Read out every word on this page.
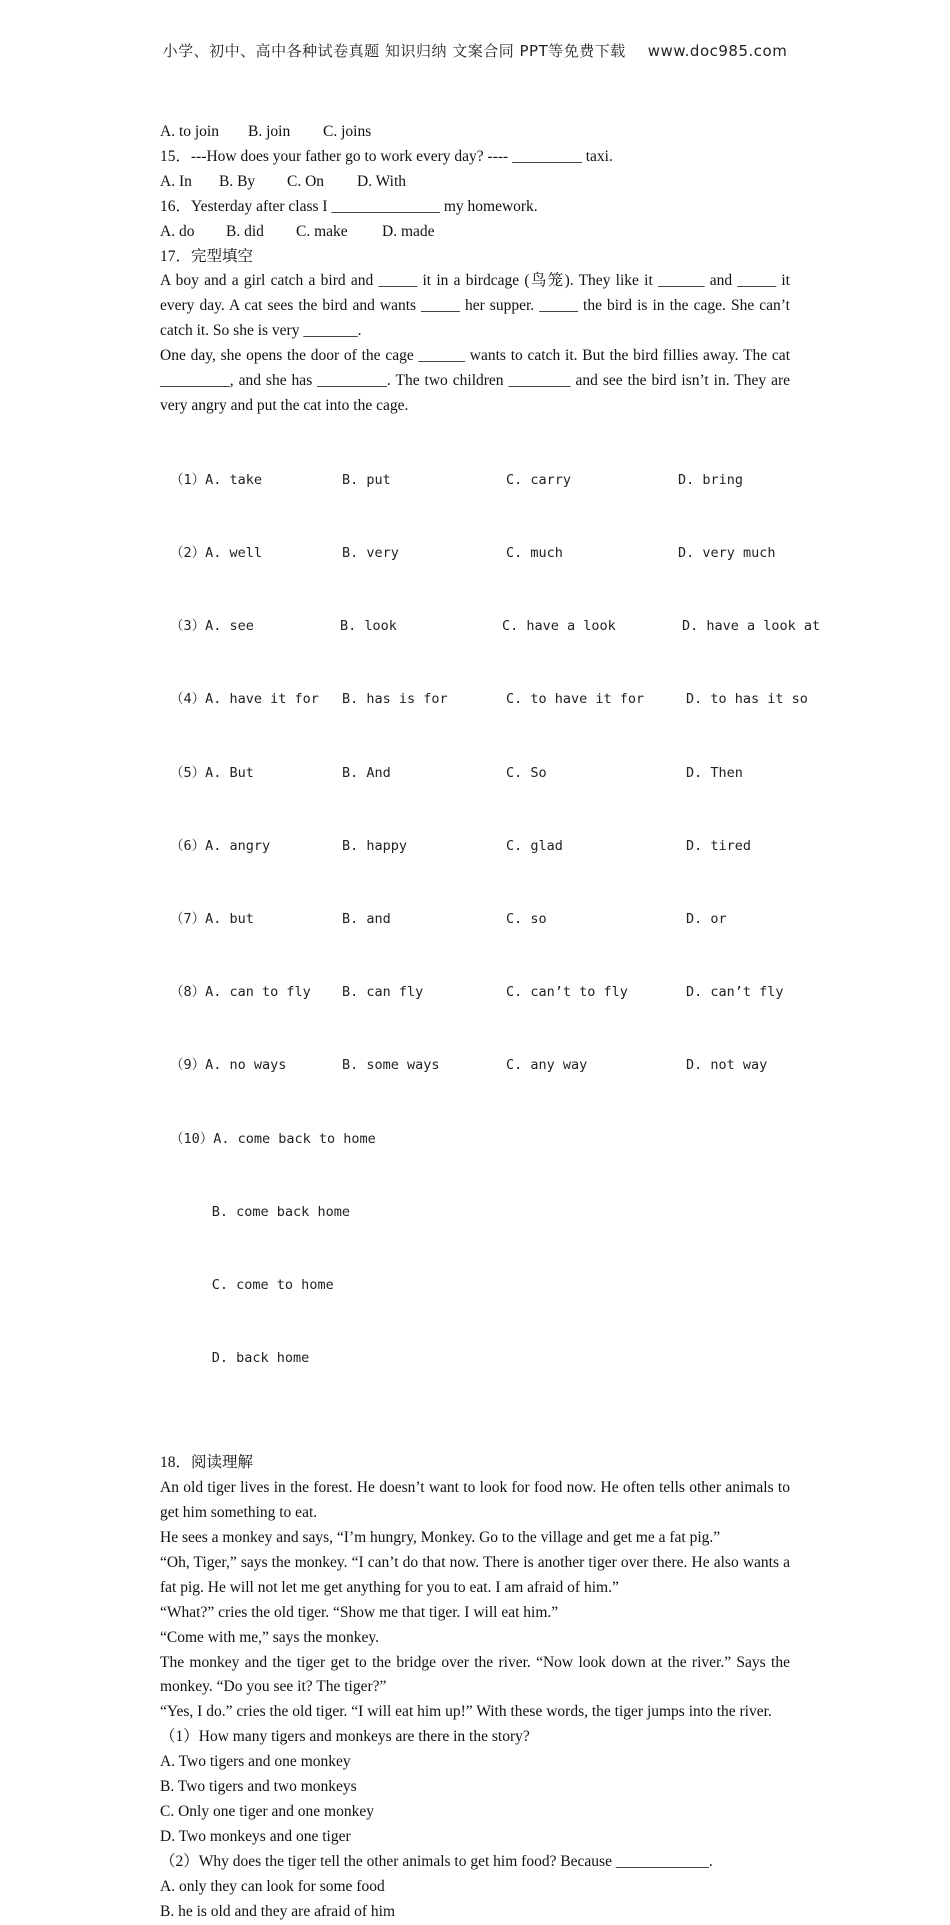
小学、初中、高中各种试卷真题 知识归纳 文案合同 PPT等免费下载 www.doc985.com
A. to join B. join C. joins
15．---How does your father go to work every day? ---- _________ taxi.
A. In B. By C. On D. With
16．Yesterday after class I ______________ my homework.
A. do B. did C. make D. made
17．完型填空
A boy and a girl catch a bird and _____ it in a birdcage (鸟笼). They like it ______ and _____ it every day. A cat sees the bird and wants _____ her supper. _____ the bird is in the cage. She can’t catch it. So she is very _______.
One day, she opens the door of the cage ______ wants to catch it. But the bird fillies away. The cat _________, and she has _________. The two children ________ and see the bird isn’t in. They are very angry and put the cat into the cage.

（1）A. take	B. put	C. carry	D. bring

（2）A. well	B. very	C. much	D. very much

（3）A. see	B. look	C. have a look	D. have a look at

（4）A. have it for B. has is for	C. to have it for	D. to has it so

（5）A. But	B. And	C. So	D. Then

（6）A. angry	B. happy	C. glad	D. tired

（7）A. but	B. and	C. so	D. or

（8）A. can to fly B. can fly	C. can’t to fly	D. can’t fly

（9）A. no ways	B. some ways	C. any way	D. not way

（10）A. come back to home

B. come back home

C. come to home

D. back home

18．阅读理解
An old tiger lives in the forest. He doesn’t want to look for food now. He often tells other animals to get him something to eat.
He sees a monkey and says, “I’m hungry, Monkey. Go to the village and get me a fat pig.”
“Oh, Tiger,” says the monkey. “I can’t do that now. There is another tiger over there. He also wants a fat pig. He will not let me get anything for you to eat. I am afraid of him.”
“What?” cries the old tiger. “Show me that tiger. I will eat him.”
“Come with me,” says the monkey.
The monkey and the tiger get to the bridge over the river. “Now look down at the river.” Says the monkey. “Do you see it? The tiger?”
“Yes, I do.” cries the old tiger. “I will eat him up!” With these words, the tiger jumps into the river.
（1）How many tigers and monkeys are there in the story?
A. Two tigers and one monkey
B. Two tigers and two monkeys
C. Only one tiger and one monkey
D. Two monkeys and one tiger
（2）Why does the tiger tell the other animals to get him food? Because ____________.
A. only they can look for some food
B. he is old and they are afraid of him
